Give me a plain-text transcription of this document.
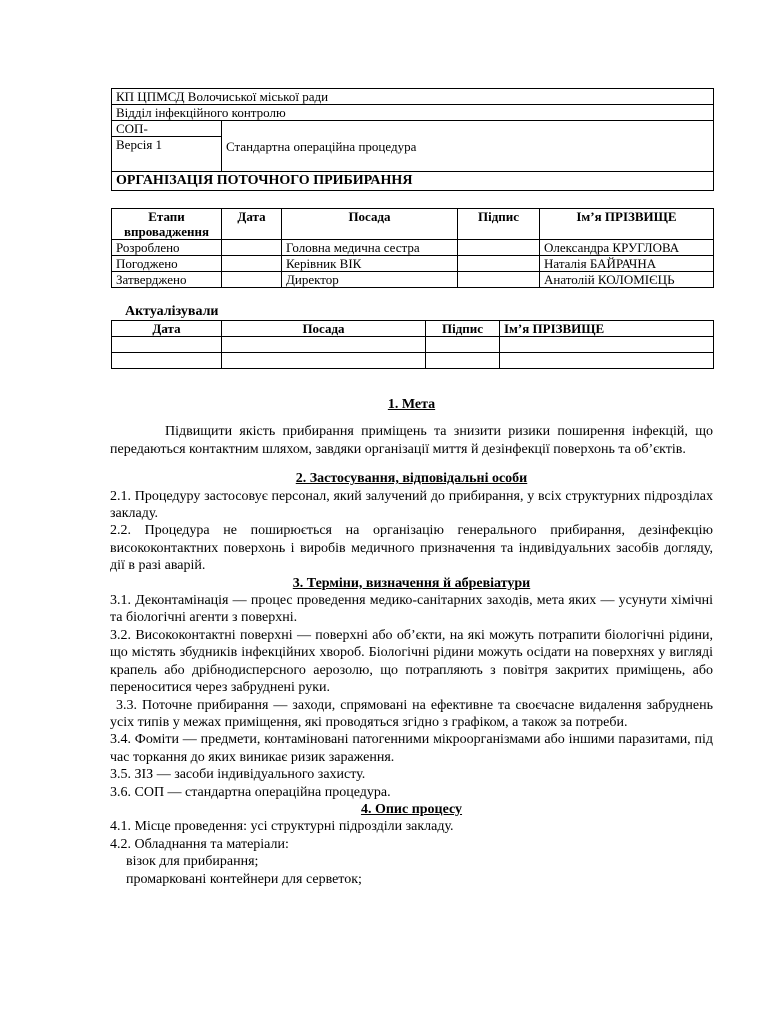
КП ЦПМСД Волочиської міської ради
Відділ інфекційного контролю
СОП-	Стандартна операційна процедура
Версія 1
ОРГАНІЗАЦІЯ ПОТОЧНОГО ПРИБИРАННЯ
Етапи впровадження	Дата	Посада	Підпис	Ім’я ПРІЗВИЩЕ
Розроблено		Головна медична сестра		Олександра КРУГЛОВА
Погоджено		Керівник ВІК		Наталія БАЙРАЧНА
Затверджено		Директор		Анатолій КОЛОМІЄЦЬ
Актуалізували
Дата	Посада	Підпис	Ім’я ПРІЗВИЩЕ

1. Мета

Підвищити якість прибирання приміщень та знизити ризики поширення інфекцій, що передаються контактним шляхом, завдяки організації миття й дезінфекції поверхонь та об’єктів.

2. Застосування, відповідальні особи

2.1. Процедуру застосовує персонал, який залучений до прибирання, у всіх структурних підрозділах закладу.

2.2. Процедура не поширюється на організацію генерального прибирання, дезінфекцію висококонтактних поверхонь і виробів медичного призначення та індивідуальних засобів догляду, дії в разі аварій.

3. Терміни, визначення й абревіатури

3.1. Деконтамінація — процес проведення медико-санітарних заходів, мета яких — усунути хімічні та біологічні агенти з поверхні.

3.2. Висококонтактні поверхні — поверхні або об’єкти, на які можуть потрапити біологічні рідини, що містять збудників інфекційних хвороб. Біологічні рідини можуть осідати на поверхнях у вигляді крапель або дрібнодисперсного аерозолю, що потрапляють з повітря закритих приміщень, або переноситися через забруднені руки.

3.3. Поточне прибирання — заходи, спрямовані на ефективне та своєчасне видалення забруднень усіх типів у межах приміщення, які проводяться згідно з графіком, а також за потреби.

3.4. Фоміти — предмети, контаміновані патогенними мікроорганізмами або іншими паразитами, під час торкання до яких виникає ризик зараження.

3.5. ЗІЗ — засоби індивідуального захисту.

3.6. СОП — стандартна операційна процедура.

4. Опис процесу

4.1. Місце проведення: усі структурні підрозділи закладу.

4.2. Обладнання та матеріали:

візок для прибирання;

промарковані контейнери для серветок;
